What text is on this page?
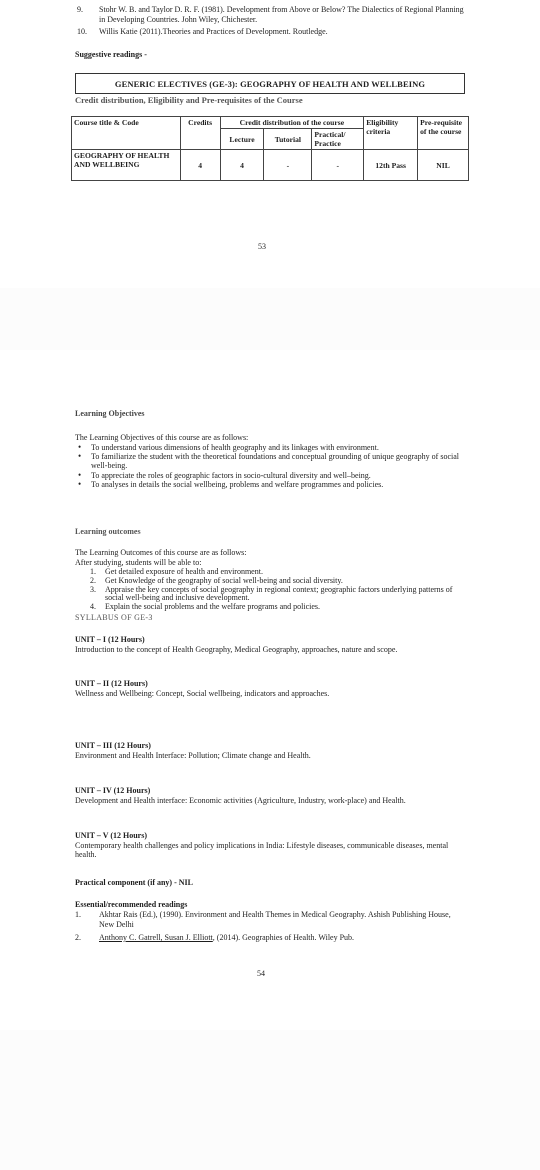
9.	Stohr W. B. and Taylor D. R. F. (1981). Development from Above or Below? The Dialectics of Regional Planning in Developing Countries. John Wiley, Chichester.
10.	Willis Katie (2011).Theories and Practices of Development. Routledge.
Suggestive readings -
GENERIC ELECTIVES (GE-3): GEOGRAPHY OF HEALTH AND WELLBEING
Credit distribution, Eligibility and Pre-requisites of the Course
Course title & Code	Credits	Credit distribution of the course			Eligibility criteria	Pre-requisite of the course
		Lecture	Tutorial	Practical/ Practice		
GEOGRAPHY OF HEALTH AND WELLBEING	4	4	-	-	12th Pass	NIL
53
Learning Objectives
The Learning Objectives of this course are as follows:
• To understand various dimensions of health geography and its linkages with environment.
• To familiarize the student with the theoretical foundations and conceptual grounding of unique geography of social well-being.
• To appreciate the roles of geographic factors in socio-cultural diversity and well–being.
• To analyses in details the social wellbeing, problems and welfare programmes and policies.
Learning outcomes
The Learning Outcomes of this course are as follows:
After studying, students will be able to:
1. Get detailed exposure of health and environment.
2. Get Knowledge of the geography of social well-being and social diversity.
3. Appraise the key concepts of social geography in regional context; geographic factors underlying patterns of social well-being and inclusive development.
4. Explain the social problems and the welfare programs and policies.
SYLLABUS OF GE-3
UNIT – I (12 Hours)
Introduction to the concept of Health Geography, Medical Geography, approaches, nature and scope.
UNIT – II (12 Hours)
Wellness and Wellbeing: Concept, Social wellbeing, indicators and approaches.
UNIT – III (12 Hours)
Environment and Health Interface: Pollution; Climate change and Health.
UNIT – IV (12 Hours)
Development and Health interface: Economic activities (Agriculture, Industry, work-place) and Health.
UNIT – V (12 Hours)
Contemporary health challenges and policy implications in India: Lifestyle diseases, communicable diseases, mental health.
Practical component (if any) - NIL
Essential/recommended readings
1. Akhtar Rais (Ed.), (1990). Environment and Health Themes in Medical Geography. Ashish Publishing House, New Delhi
2. Anthony C. Gatrell, Susan J. Elliott, (2014). Geographies of Health. Wiley Pub.
54
